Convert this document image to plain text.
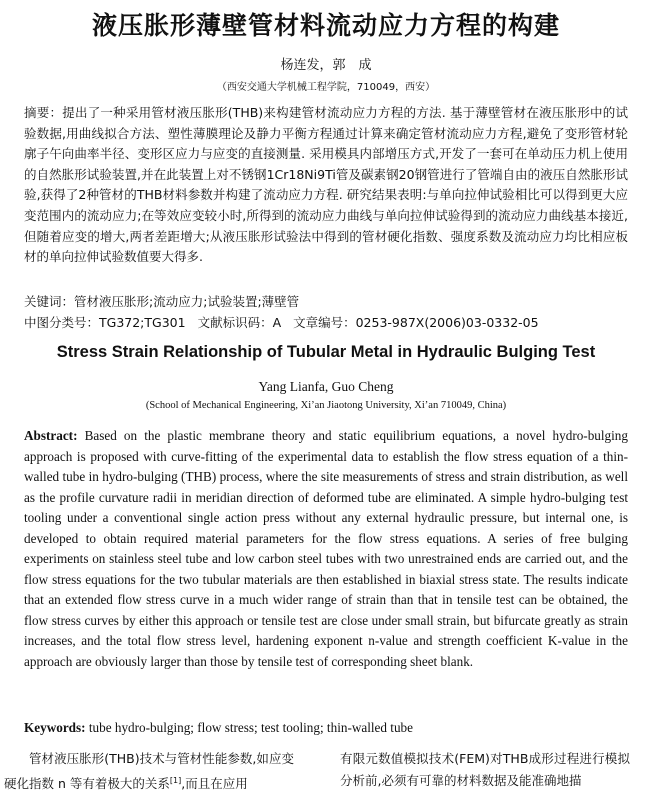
液压胀形薄壁管材料流动应力方程的构建
杨连发，郭　成
（西安交通大学机械工程学院，710049，西安）

摘要：提出了一种采用管材液压胀形(THB)来构建管材流动应力方程的方法. 基于薄壁管材在液压胀形中的试验数据,用曲线拟合方法、塑性薄膜理论及静力平衡方程通过计算来确定管材流动应力方程,避免了变形管材轮廓子午向曲率半径、变形区应力与应变的直接测量. 采用模具内部增压方式,开发了一套可在单动压力机上使用的自然胀形试验装置,并在此装置上对不锈钢1Cr18Ni9Ti管及碳素钢20钢管进行了管端自由的液压自然胀形试验,获得了2种管材的THB材料参数并构建了流动应力方程. 研究结果表明:与单向拉伸试验相比可以得到更大应变范围内的流动应力;在等效应变较小时,所得到的流动应力曲线与单向拉伸试验得到的流动应力曲线基本接近,但随着应变的增大,两者差距增大;从液压胀形试验法中得到的管材硬化指数、强度系数及流动应力均比相应板材的单向拉伸试验数值要大得多.

关键词：管材液压胀形;流动应力;试验装置;薄壁管
中图分类号：TG372;TG301 文献标识码：A 文章编号：0253-987X(2006)03-0332-05
Stress Strain Relationship of Tubular Metal in Hydraulic Bulging Test
Yang Lianfa, Guo Cheng
(School of Mechanical Engineering, Xi’an Jiaotong University, Xi’an 710049, China)

Abstract: Based on the plastic membrane theory and static equilibrium equations, a novel hydro-bulging approach is proposed with curve-fitting of the experimental data to establish the flow stress equation of a thin-walled tube in hydro-bulging (THB) process, where the site measurements of stress and strain distribution, as well as the profile curvature radii in meridian direction of deformed tube are eliminated. A simple hydro-bulging test tooling under a conventional single action press without any external hydraulic pressure, but internal one, is developed to obtain required material parameters for the flow stress equations. A series of free bulging experiments on stainless steel tube and low carbon steel tubes with two unrestrained ends are carried out, and the flow stress equations for the two tubular materials are then established in biaxial stress state. The results indicate that an extended flow stress curve in a much wider range of strain than that in tensile test can be obtained, the flow stress curves by either this approach or tensile test are close under small strain, but bifurcate greatly as strain increases, and the total flow stress level, hardening exponent n-value and strength coefficient K-value in the approach are obviously larger than those by tensile test of corresponding sheet blank.

Keywords: tube hydro-bulging; flow stress; test tooling; thin-walled tube

管材液压胀形(THB)技术与管材性能参数,如应变硬化指数 n 等有着极大的关系[1],而且在应用

有限元数值模拟技术(FEM)对THB成形过程进行模拟分析前,必须有可靠的材料数据及能准确地描
